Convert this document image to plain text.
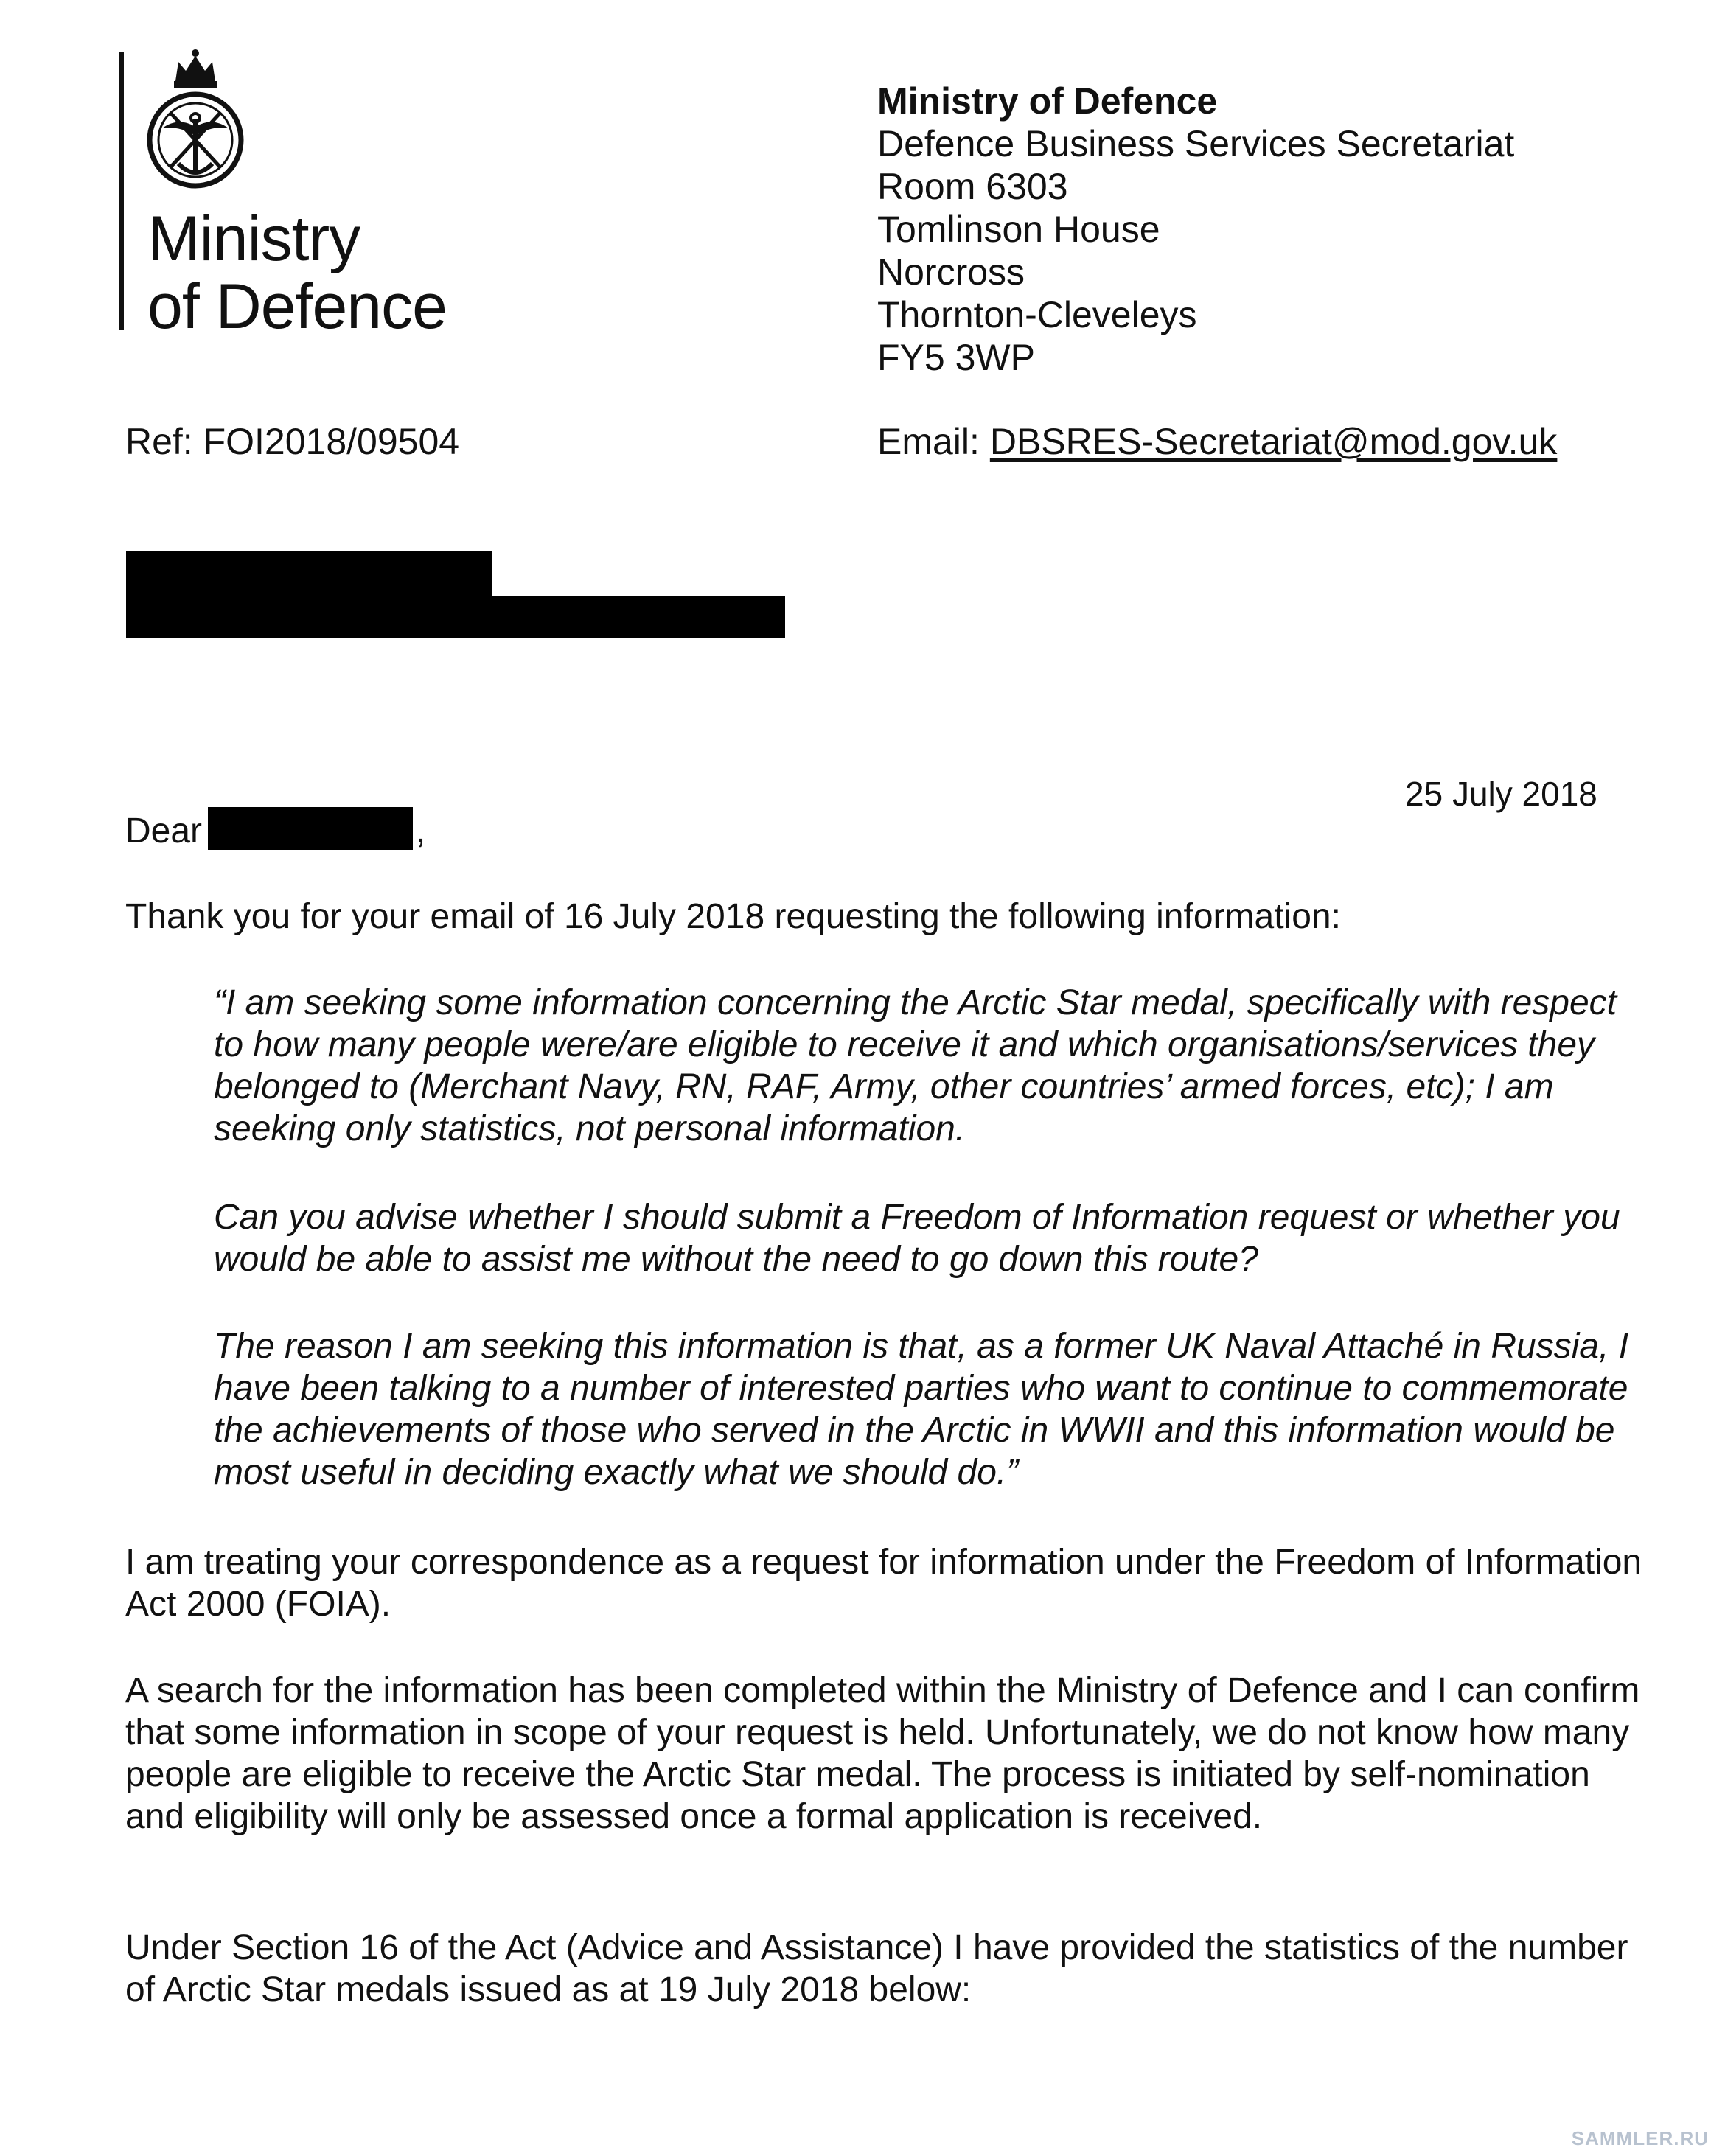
Ministry
of Defence
Ministry of Defence
Defence Business Services Secretariat
Room 6303
Tomlinson House
Norcross
Thornton-Cleveleys
FY5 3WP
Ref: FOI2018/09504	Email: DBSRES-Secretariat@mod.gov.uk
25 July 2018
Dear	,
Thank you for your email of 16 July 2018 requesting the following information:
“I am seeking some information concerning the Arctic Star medal, specifically with respect to how many people were/are eligible to receive it and which organisations/services they belonged to (Merchant Navy, RN, RAF, Army, other countries’ armed forces, etc); I am seeking only statistics, not personal information.
Can you advise whether I should submit a Freedom of Information request or whether you would be able to assist me without the need to go down this route?
The reason I am seeking this information is that, as a former UK Naval Attaché in Russia, I have been talking to a number of interested parties who want to continue to commemorate the achievements of those who served in the Arctic in WWII and this information would be most useful in deciding exactly what we should do.”
I am treating your correspondence as a request for information under the Freedom of Information Act 2000 (FOIA).
A search for the information has been completed within the Ministry of Defence and I can confirm that some information in scope of your request is held. Unfortunately, we do not know how many people are eligible to receive the Arctic Star medal. The process is initiated by self-nomination and eligibility will only be assessed once a formal application is received.
Under Section 16 of the Act (Advice and Assistance) I have provided the statistics of the number of Arctic Star medals issued as at 19 July 2018 below:
SAMMLER.RU
